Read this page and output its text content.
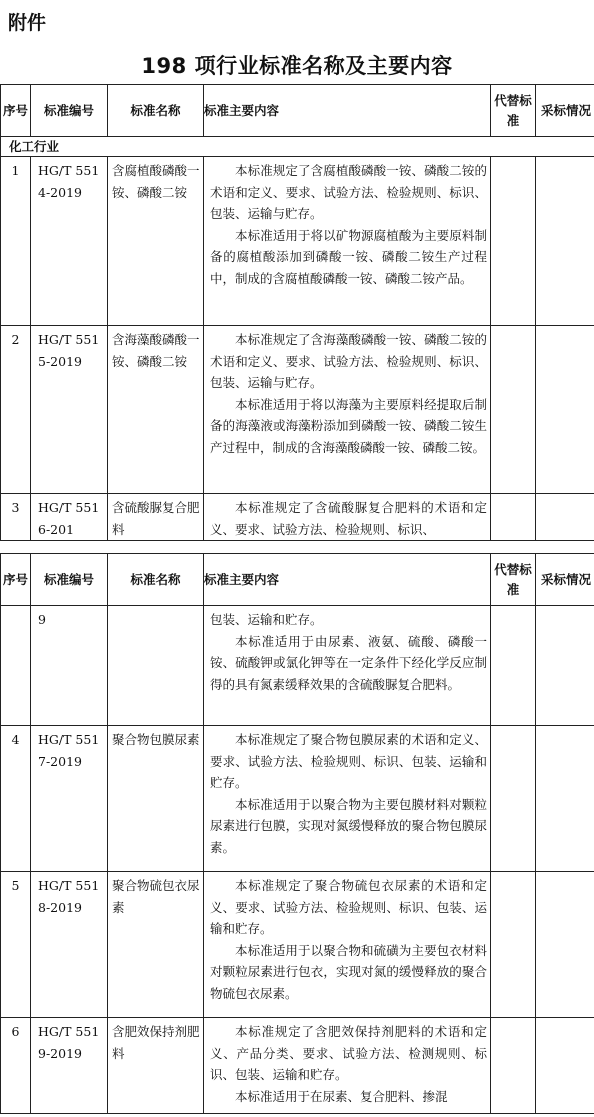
附件
198 项行业标准名称及主要内容
序号	标准编号	标准名称	标准主要内容	代替标准	采标情况
化工行业					
1	HG/T 5514-2019	含腐植酸磷酸一铵、磷酸二铵	本标准规定了含腐植酸磷酸一铵、磷酸二铵的术语和定义、要求、试验方法、检验规则、标识、包装、运输与贮存。

本标准适用于将以矿物源腐植酸为主要原料制备的腐植酸添加到磷酸一铵、磷酸二铵生产过程中，制成的含腐植酸磷酸一铵、磷酸二铵产品。		

2	HG/T 5515-2019	含海藻酸磷酸一铵、磷酸二铵	本标准规定了含海藻酸磷酸一铵、磷酸二铵的术语和定义、要求、试验方法、检验规则、标识、包装、运输与贮存。

本标准适用于将以海藻为主要原料经提取后制备的海藻液或海藻粉添加到磷酸一铵、磷酸二铵生产过程中，制成的含海藻酸磷酸一铵、磷酸二铵。		

3	HG/T 5516-201	含硫酸脲复合肥料	本标准规定了含硫酸脲复合肥料的术语和定义、要求、试验方法、检验规则、标识、		

序号	标准编号	标准名称	标准主要内容	代替标准	采标情况
	9		包装、运输和贮存。

本标准适用于由尿素、液氨、硫酸、磷酸一铵、硫酸钾或氯化钾等在一定条件下经化学反应制得的具有氮素缓释效果的含硫酸脲复合肥料。		

4	HG/T 5517-2019	聚合物包膜尿素	本标准规定了聚合物包膜尿素的术语和定义、要求、试验方法、检验规则、标识、包装、运输和贮存。

本标准适用于以聚合物为主要包膜材料对颗粒尿素进行包膜，实现对氮缓慢释放的聚合物包膜尿素。		

5	HG/T 5518-2019	聚合物硫包衣尿素	本标准规定了聚合物硫包衣尿素的术语和定义、要求、试验方法、检验规则、标识、包装、运输和贮存。

本标准适用于以聚合物和硫磺为主要包衣材料对颗粒尿素进行包衣，实现对氮的缓慢释放的聚合物硫包衣尿素。		

6	HG/T 5519-2019	含肥效保持剂肥料	本标准规定了含肥效保持剂肥料的术语和定义、产品分类、要求、试验方法、检测规则、标识、包装、运输和贮存。

本标准适用于在尿素、复合肥料、掺混		
